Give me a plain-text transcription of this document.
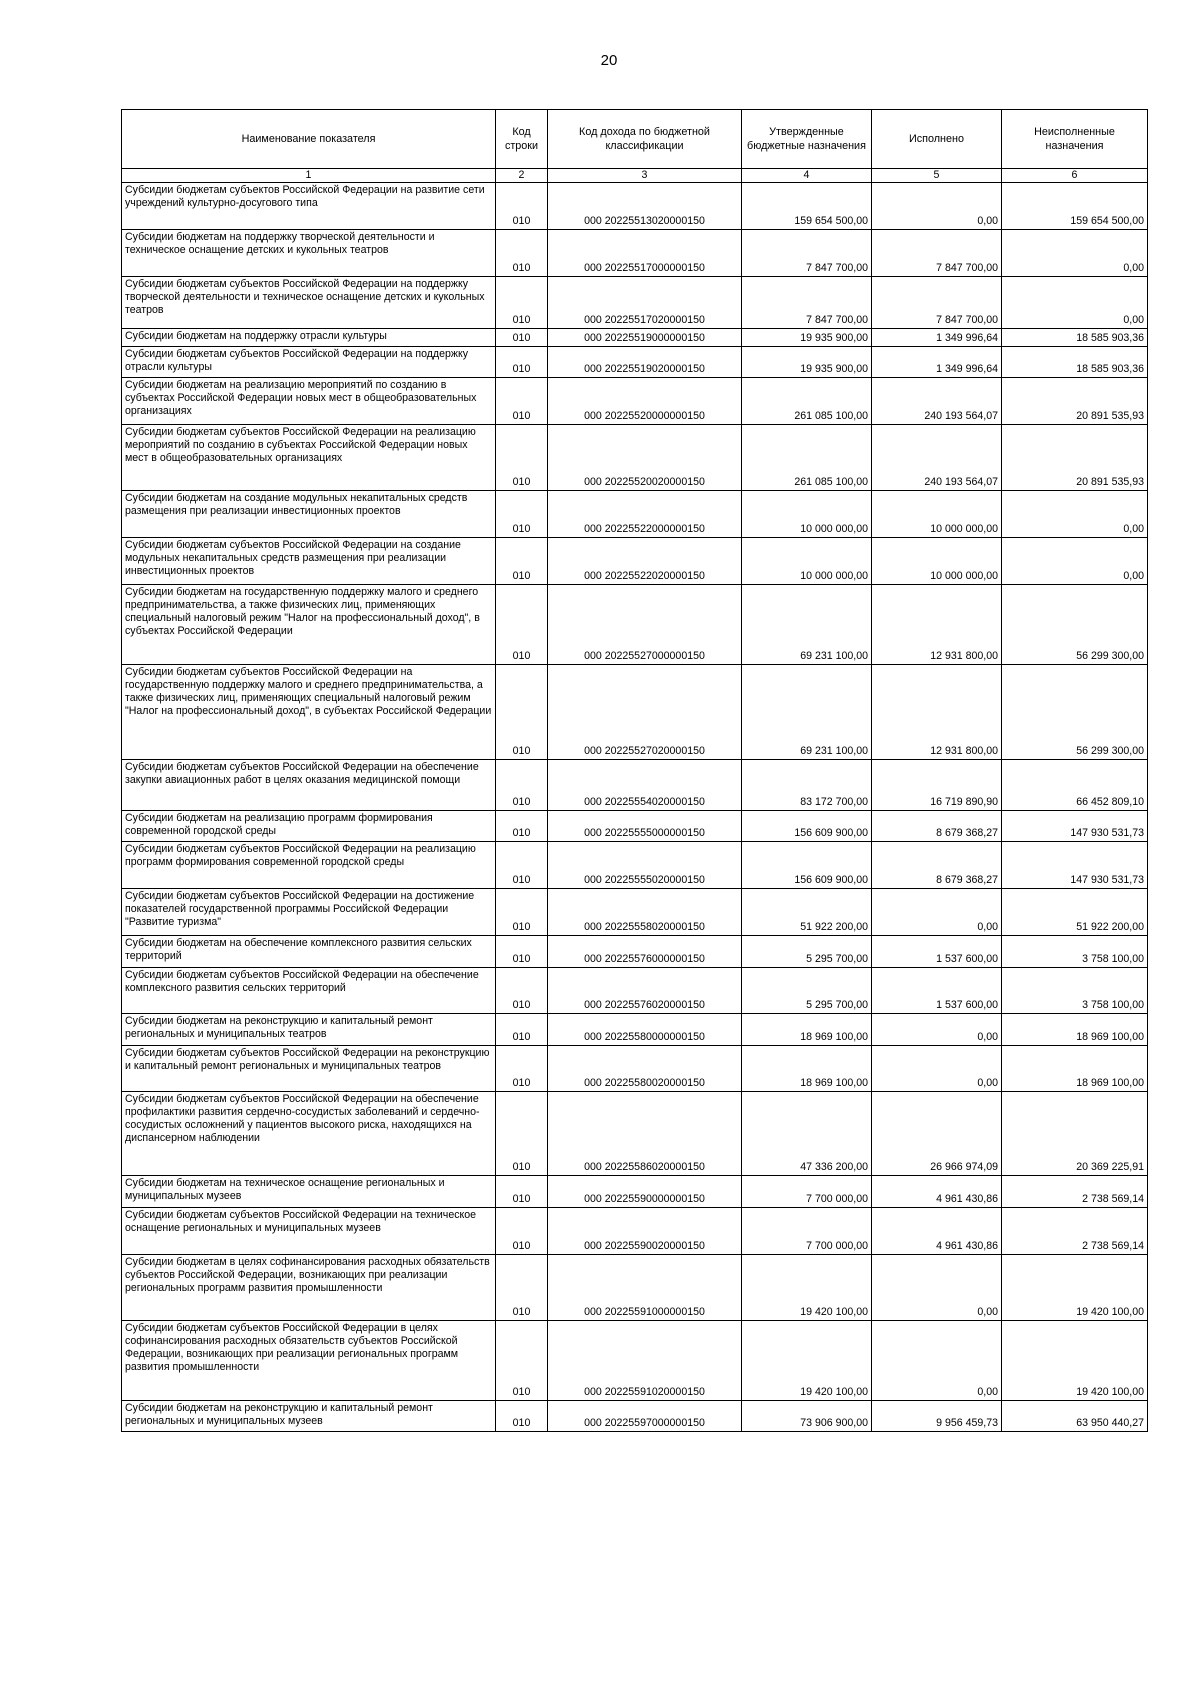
20
Наименование показателя	Код строки	Код дохода по бюджетной классификации	Утвержденные бюджетные назначения	Исполнено	Неисполненные назначения
1	2	3	4	5	6
Субсидии бюджетам субъектов Российской Федерации на развитие сети учреждений культурно-досугового типа	010	000 20225513020000150	159 654 500,00	0,00	159 654 500,00
Субсидии бюджетам на поддержку творческой деятельности и техническое оснащение детских и кукольных театров	010	000 20225517000000150	7 847 700,00	7 847 700,00	0,00
Субсидии бюджетам субъектов Российской Федерации на поддержку творческой деятельности и техническое оснащение детских и кукольных театров	010	000 20225517020000150	7 847 700,00	7 847 700,00	0,00
Субсидии бюджетам на поддержку отрасли культуры	010	000 20225519000000150	19 935 900,00	1 349 996,64	18 585 903,36
Субсидии бюджетам субъектов Российской Федерации на поддержку отрасли культуры	010	000 20225519020000150	19 935 900,00	1 349 996,64	18 585 903,36
Субсидии бюджетам на реализацию мероприятий по созданию в субъектах Российской Федерации новых мест в общеобразовательных организациях	010	000 20225520000000150	261 085 100,00	240 193 564,07	20 891 535,93
Субсидии бюджетам субъектов Российской Федерации на реализацию мероприятий по созданию в субъектах Российской Федерации новых мест в общеобразовательных организациях	010	000 20225520020000150	261 085 100,00	240 193 564,07	20 891 535,93
Субсидии бюджетам на создание модульных некапитальных средств размещения при реализации инвестиционных проектов	010	000 20225522000000150	10 000 000,00	10 000 000,00	0,00
Субсидии бюджетам субъектов Российской Федерации на создание модульных некапитальных средств размещения при реализации инвестиционных проектов	010	000 20225522020000150	10 000 000,00	10 000 000,00	0,00
Субсидии бюджетам на государственную поддержку малого и среднего предпринимательства, а также физических лиц, применяющих специальный налоговый режим "Налог на профессиональный доход", в субъектах Российской Федерации	010	000 20225527000000150	69 231 100,00	12 931 800,00	56 299 300,00
Субсидии бюджетам субъектов Российской Федерации на государственную поддержку малого и среднего предпринимательства, а также физических лиц, применяющих специальный налоговый режим "Налог на профессиональный доход", в субъектах Российской Федерации	010	000 20225527020000150	69 231 100,00	12 931 800,00	56 299 300,00
Субсидии бюджетам субъектов Российской Федерации на обеспечение закупки авиационных работ в целях оказания медицинской помощи	010	000 20225554020000150	83 172 700,00	16 719 890,90	66 452 809,10
Субсидии бюджетам на реализацию программ формирования современной городской среды	010	000 20225555000000150	156 609 900,00	8 679 368,27	147 930 531,73
Субсидии бюджетам субъектов Российской Федерации на реализацию программ формирования современной городской среды	010	000 20225555020000150	156 609 900,00	8 679 368,27	147 930 531,73
Субсидии бюджетам субъектов Российской Федерации на достижение показателей государственной программы Российской Федерации "Развитие туризма"	010	000 20225558020000150	51 922 200,00	0,00	51 922 200,00
Субсидии бюджетам на обеспечение комплексного развития сельских территорий	010	000 20225576000000150	5 295 700,00	1 537 600,00	3 758 100,00
Субсидии бюджетам субъектов Российской Федерации на обеспечение комплексного развития сельских территорий	010	000 20225576020000150	5 295 700,00	1 537 600,00	3 758 100,00
Субсидии бюджетам на реконструкцию и капитальный ремонт региональных и муниципальных театров	010	000 20225580000000150	18 969 100,00	0,00	18 969 100,00
Субсидии бюджетам субъектов Российской Федерации на реконструкцию и капитальный ремонт региональных и муниципальных театров	010	000 20225580020000150	18 969 100,00	0,00	18 969 100,00
Субсидии бюджетам субъектов Российской Федерации на обеспечение профилактики развития сердечно-сосудистых заболеваний и сердечно-сосудистых осложнений у пациентов высокого риска, находящихся на диспансерном наблюдении	010	000 20225586020000150	47 336 200,00	26 966 974,09	20 369 225,91
Субсидии бюджетам на техническое оснащение региональных и муниципальных музеев	010	000 20225590000000150	7 700 000,00	4 961 430,86	2 738 569,14
Субсидии бюджетам субъектов Российской Федерации на техническое оснащение региональных и муниципальных музеев	010	000 20225590020000150	7 700 000,00	4 961 430,86	2 738 569,14
Субсидии бюджетам в целях софинансирования расходных обязательств субъектов Российской Федерации, возникающих при реализации региональных программ развития промышленности	010	000 20225591000000150	19 420 100,00	0,00	19 420 100,00
Субсидии бюджетам субъектов Российской Федерации в целях софинансирования расходных обязательств субъектов Российской Федерации, возникающих при реализации региональных программ развития промышленности	010	000 20225591020000150	19 420 100,00	0,00	19 420 100,00
Субсидии бюджетам на реконструкцию и капитальный ремонт региональных и муниципальных музеев	010	000 20225597000000150	73 906 900,00	9 956 459,73	63 950 440,27
